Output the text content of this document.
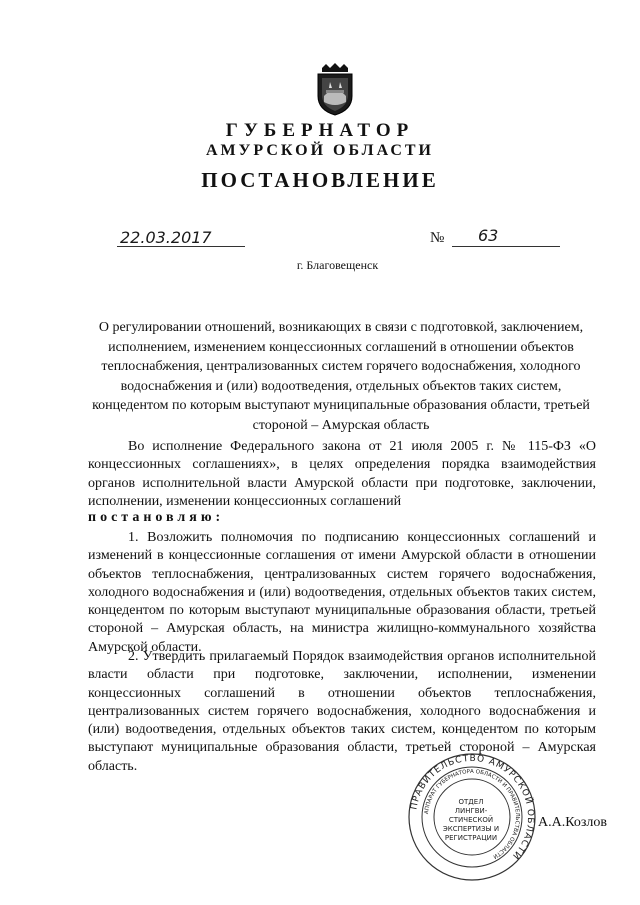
ГУБЕРНАТОР
АМУРСКОЙ ОБЛАСТИ
ПОСТАНОВЛЕНИЕ
22.03.2017	№ 63
г. Благовещенск
О регулировании отношений, возникающих в связи с подготовкой, заключением, исполнением, изменением концессионных соглашений в отношении объектов теплоснабжения, централизованных систем горячего водоснабжения, холодного водоснабжения и (или) водоотведения, отдельных объектов таких систем, концедентом по которым выступают муниципальные образования области, третьей стороной – Амурская область
Во исполнение Федерального закона от 21 июля 2005 г. № 115-ФЗ «О концессионных соглашениях», в целях определения порядка взаимодействия органов исполнительной власти Амурской области при подготовке, заключении, исполнении, изменении концессионных соглашений
постановляю:
1. Возложить полномочия по подписанию концессионных соглашений и изменений в концессионные соглашения от имени Амурской области в отношении объектов теплоснабжения, централизованных систем горячего водоснабжения, холодного водоснабжения и (или) водоотведения, отдельных объектов таких систем, концедентом по которым выступают муниципальные образования области, третьей стороной – Амурская область, на министра жилищно-коммунального хозяйства Амурской области.
2. Утвердить прилагаемый Порядок взаимодействия органов исполнительной власти области при подготовке, заключении, исполнении, изменении концессионных соглашений в отношении объектов теплоснабжения, централизованных систем горячего водоснабжения, холодного водоснабжения и (или) водоотведения, отдельных объектов таких систем, концедентом по которым выступают муниципальные образования области, третьей стороной – Амурская область.
ПРАВИТЕЛЬСТВО АМУРСКОЙ ОБЛАСТИ
АППАРАТ ГУБЕРНАТОРА ОБЛАСТИ И ПРАВИТЕЛЬСТВА ОБЛАСТИ
ОТДЕЛ
ЛИНГВИ-
СТИЧЕСКОЙ
ЭКСПЕРТИЗЫ И
РЕГИСТРАЦИИ
А.А.Козлов
